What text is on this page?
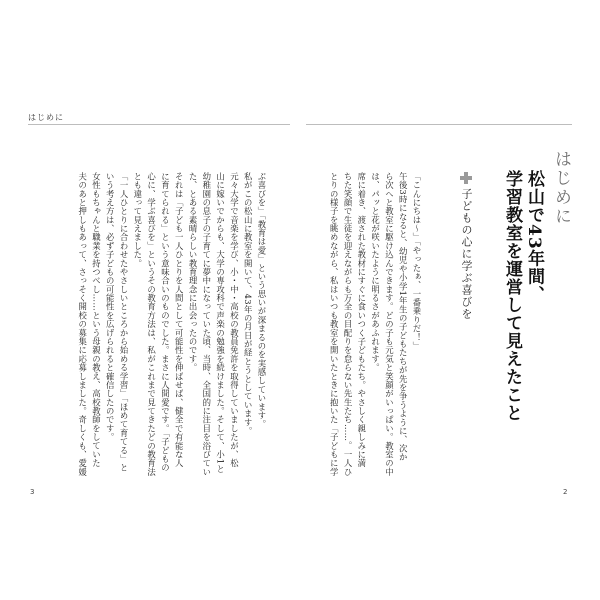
はじめに
はじめに
松山で43年間、
学習教室を運営して見えたこと
子どもの心に学ぶ喜びを

「こんにちは〜」「やったぁ、一番乗りだ！」

午後3時になると、幼児や小学1年生の子どもたちが先を争うように、次か
ら次へと教室に駆け込んできます。どの子も元気と笑顔がいっぱい。教室の中
は、パッと花が咲いたように明るさがあふれます。

席に着き、渡された教材にすぐに食いつく子どもたち。やさしく親しみに満
ちた笑顔で生徒を迎えながらも万全の目配りを怠らない先生たち……。一人ひ
とりの様子を眺めながら、私はいつも教室を開いたときに抱いた「子どもに学

ぶ喜びを」「教育は愛」という思いが深まるのを実感しています。

私がこの松山に教室を開いて、43年の月日が経とうとしています。

元々大学で音楽を学び、小・中・高校の教員免許を取得していましたが、松
山に嫁いでからも、大学の専攻科で声楽の勉強を続けました。そして、小1と
幼稚園の息子の子育てに夢中になっていた頃、当時、全国的に注目を浴びてい
た、とある素晴らしい教育理念に出会ったのです。

それは「子ども一人ひとりを人間として可能性を伸ばせば、健全で有能な人
に育てられる」という意味合いのものでした。まさに人間愛です。「子どもの
心に、学ぶ喜びを」というその教育方法は、私がこれまで見てきたどの教育法
とも違って見えました。

「一人ひとりに合わせたやさしいところから始める学習」「ほめて育てる」と
いう考え方は、必ず子どもの可能性を広げられると確信したのです。

女性もちゃんと職業を持つべし……という母親の教え、高校教師をしていた
夫のあと押しもあって、さっそく開校の募集に応募しました。奇しくも、愛媛

3	2
